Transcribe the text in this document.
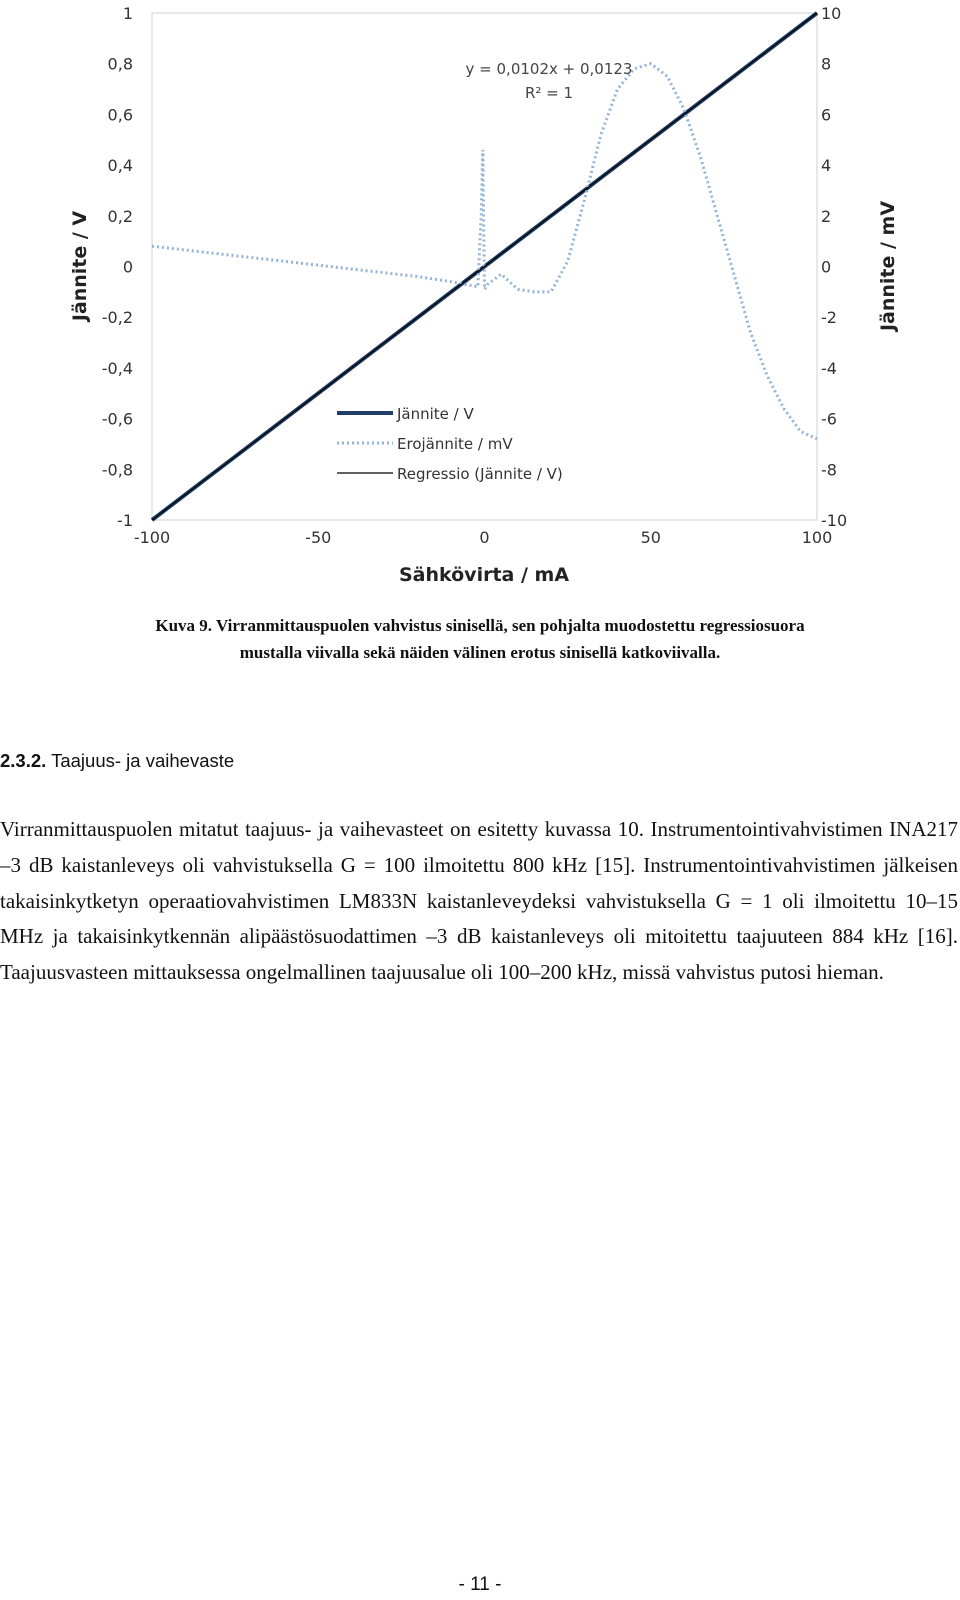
-100	-50	0	50	100
1
0,8
0,6
0,4
0,2
0
-0,2
-0,4
-0,6
-0,8
-1
10
8
6
4
2
0
-2
-4
-6
-8
-10
Sähkövirta / mA
Jännite / V	Jännite / mV
y = 0,0102x + 0,0123
R² = 1
Jännite / V
Erojännite / mV
Regressio (Jännite / V)
Kuva 9. Virranmittauspuolen vahvistus sinisellä, sen pohjalta muodostettu regressiosuora
mustalla viivalla sekä näiden välinen erotus sinisellä katkoviivalla.
2.3.2. Taajuus- ja vaihevaste
Virranmittauspuolen mitatut taajuus- ja vaihevasteet on esitetty kuvassa 10. Instrumentointivahvistimen INA217 –3 dB kaistanleveys oli vahvistuksella G = 100 ilmoitettu 800 kHz [15]. Instrumentointivahvistimen jälkeisen takaisinkytketyn operaatiovahvistimen LM833N kaistanleveydeksi vahvistuksella G = 1 oli ilmoitettu 10–15 MHz ja takaisinkytkennän alipäästösuodattimen –3 dB kaistanleveys oli mitoitettu taajuuteen 884 kHz [16]. Taajuusvasteen mittauksessa ongelmallinen taajuusalue oli 100–200 kHz, missä vahvistus putosi hieman.
- 11 -
